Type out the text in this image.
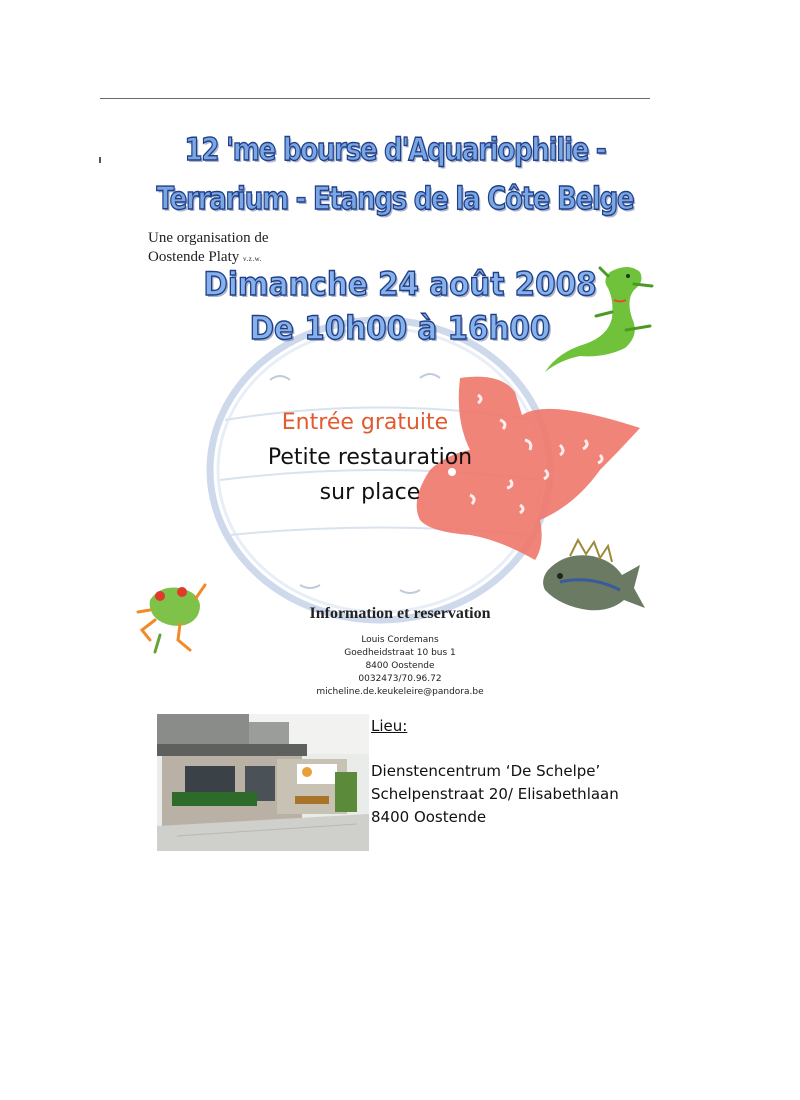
12 'me bourse d'Aquariophilie -
Terrarium - Etangs de la Côte Belge
Une organisation de
Oostende Platy v.z.w.
Dimanche 24 août 2008
De 10h00 à 16h00
Entrée gratuite
Petite restauration
sur place
Information et reservation
Louis Cordemans
Goedheidstraat 10 bus 1
8400 Oostende
0032473/70.96.72
micheline.de.keukeleire@pandora.be
Lieu:
Dienstencentrum ‘De Schelpe’
Schelpenstraat 20/ Elisabethlaan
8400 Oostende
